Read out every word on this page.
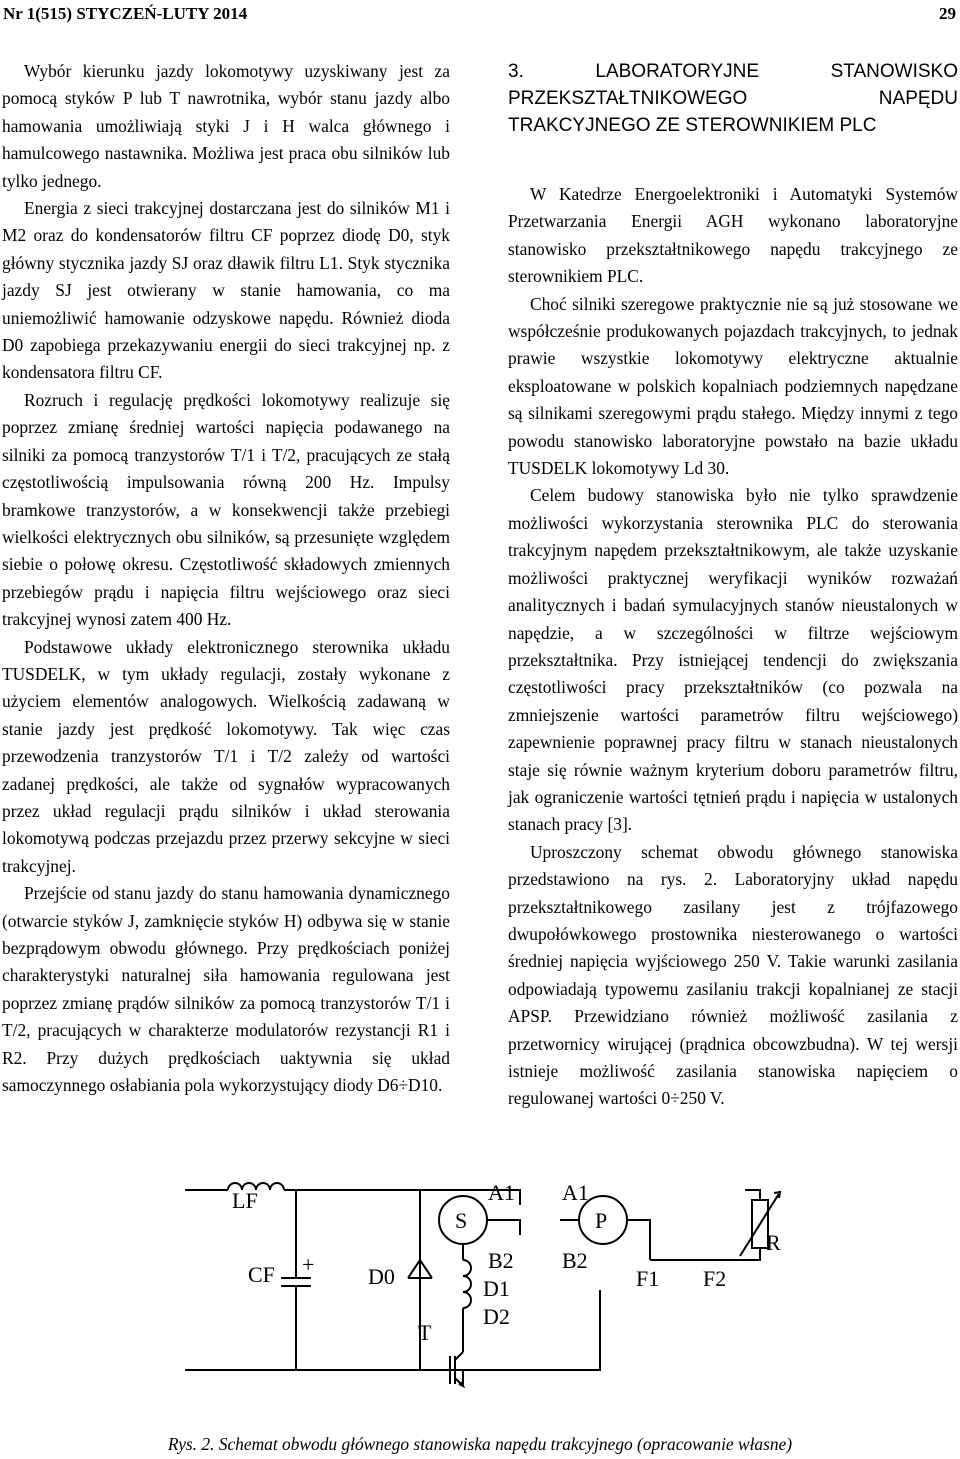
Nr 1(515) STYCZEŃ-LUTY 2014	29

Wybór kierunku jazdy lokomotywy uzyskiwany jest za pomocą styków P lub T nawrotnika, wybór stanu jazdy albo hamowania umożliwiają styki J i H walca głównego i hamulcowego nastawnika. Możliwa jest praca obu silników lub tylko jednego.

Energia z sieci trakcyjnej dostarczana jest do silników M1 i M2 oraz do kondensatorów filtru CF poprzez diodę D0, styk główny stycznika jazdy SJ oraz dławik filtru L1. Styk stycznika jazdy SJ jest otwierany w stanie hamowania, co ma uniemożliwić hamowanie odzyskowe napędu. Również dioda D0 zapobiega przekazywaniu energii do sieci trakcyjnej np. z kondensatora filtru CF.

Rozruch i regulację prędkości lokomotywy realizuje się poprzez zmianę średniej wartości napięcia podawanego na silniki za pomocą tranzystorów T/1 i T/2, pracujących ze stałą częstotliwością impulsowania równą 200 Hz. Impulsy bramkowe tranzystorów, a w konsekwencji także przebiegi wielkości elektrycznych obu silników, są przesunięte względem siebie o połowę okresu. Częstotliwość składowych zmiennych przebiegów prądu i napięcia filtru wejściowego oraz sieci trakcyjnej wynosi zatem 400 Hz.

Podstawowe układy elektronicznego sterownika układu TUSDELK, w tym układy regulacji, zostały wykonane z użyciem elementów analogowych. Wielkością zadawaną w stanie jazdy jest prędkość lokomotywy. Tak więc czas przewodzenia tranzystorów T/1 i T/2 zależy od wartości zadanej prędkości, ale także od sygnałów wypracowanych przez układ regulacji prądu silników i układ sterowania lokomotywą podczas przejazdu przez przerwy sekcyjne w sieci trakcyjnej.

Przejście od stanu jazdy do stanu hamowania dynamicznego (otwarcie styków J, zamknięcie styków H) odbywa się w stanie bezprądowym obwodu głównego. Przy prędkościach poniżej charakterystyki naturalnej siła hamowania regulowana jest poprzez zmianę prądów silników za pomocą tranzystorów T/1 i T/2, pracujących w charakterze modulatorów rezystancji R1 i R2. Przy dużych prędkościach uaktywnia się układ samoczynnego osłabiania pola wykorzystujący diody D6÷D10.

3. LABORATORYJNE STANOWISKO PRZEKSZTAŁTNIKOWEGO NAPĘDU TRAKCYJNEGO ZE STEROWNIKIEM PLC

W Katedrze Energoelektroniki i Automatyki Systemów Przetwarzania Energii AGH wykonano laboratoryjne stanowisko przekształtnikowego napędu trakcyjnego ze sterownikiem PLC.

Choć silniki szeregowe praktycznie nie są już stosowane we współcześnie produkowanych pojazdach trakcyjnych, to jednak prawie wszystkie lokomotywy elektryczne aktualnie eksploatowane w polskich kopalniach podziemnych napędzane są silnikami szeregowymi prądu stałego. Między innymi z tego powodu stanowisko laboratoryjne powstało na bazie układu TUSDELK lokomotywy Ld 30.

Celem budowy stanowiska było nie tylko sprawdzenie możliwości wykorzystania sterownika PLC do sterowania trakcyjnym napędem przekształtnikowym, ale także uzyskanie możliwości praktycznej weryfikacji wyników rozważań analitycznych i badań symulacyjnych stanów nieustalonych w napędzie, a w szczególności w filtrze wejściowym przekształtnika. Przy istniejącej tendencji do zwiększania częstotliwości pracy przekształtników (co pozwala na zmniejszenie wartości parametrów filtru wejściowego) zapewnienie poprawnej pracy filtru w stanach nieustalonych staje się równie ważnym kryterium doboru parametrów filtru, jak ograniczenie wartości tętnień prądu i napięcia w ustalonych stanach pracy [3].

Uproszczony schemat obwodu głównego stanowiska przedstawiono na rys. 2. Laboratoryjny układ napędu przekształtnikowego zasilany jest z trójfazowego dwupołówkowego prostownika niesterowanego o wartości średniej napięcia wyjściowego 250 V. Takie warunki zasilania odpowiadają typowemu zasilaniu trakcji kopalnianej ze stacji APSP. Przewidziano również możliwość zasilania z przetwornicy wirującej (prądnica obcowzbudna). W tej wersji istnieje możliwość zasilania stanowiska napięciem o regulowanej wartości 0÷250 V.

LF
CF + D0
T
S
A1
B2
D1
D2
P
A1
B2
F1 F2
R
Rys. 2. Schemat obwodu głównego stanowiska napędu trakcyjnego (opracowanie własne)
